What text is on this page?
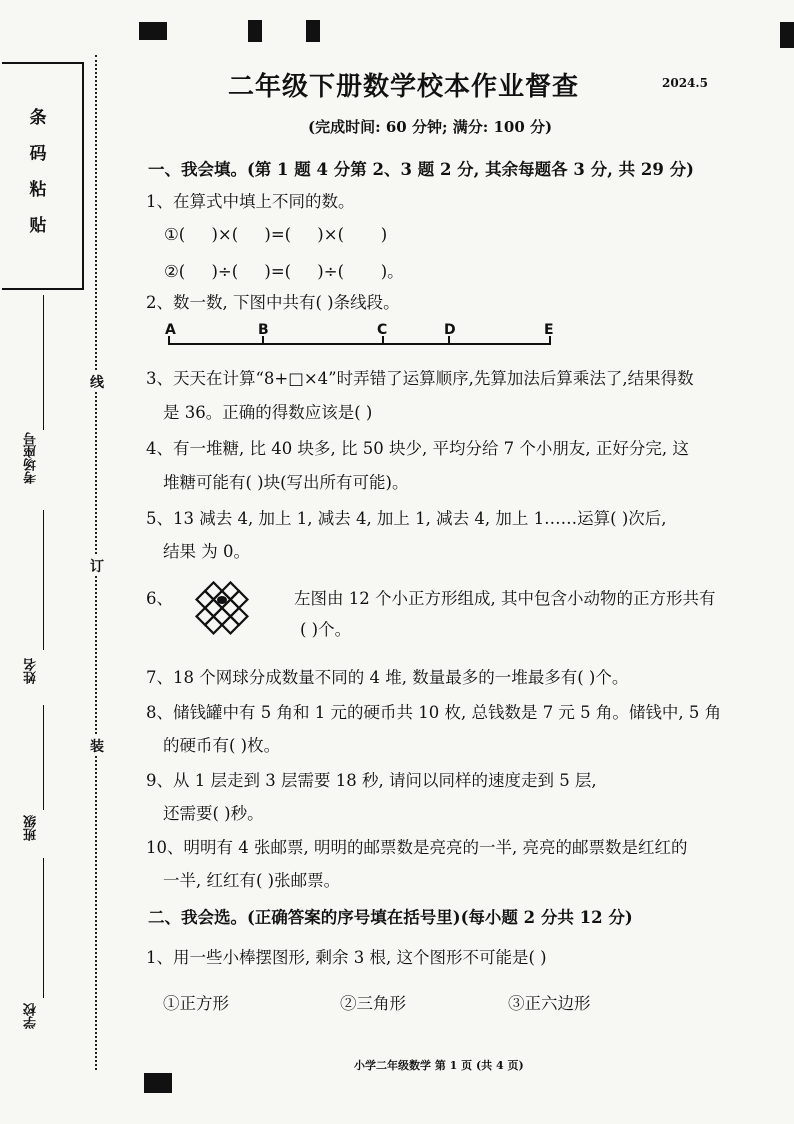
条码粘贴
线
订
装
考场座号
姓名
班级
学校
二年级下册数学校本作业督查	2024.5
(完成时间: 60 分钟; 满分: 100 分)
一、我会填。(第 1 题 4 分第 2、3 题 2 分, 其余每题各 3 分, 共 29 分)
1、在算式中填上不同的数。
①(     )×(     )=(     )×(       )
②(     )÷(     )=(     )÷(       )。
2、数一数, 下图中共有( )条线段。
A	B	C	D	E
3、天天在计算“8+□×4”时弄错了运算顺序,先算加法后算乘法了,结果得数
是 36。正确的得数应该是( )
4、有一堆糖, 比 40 块多, 比 50 块少, 平均分给 7 个小朋友, 正好分完, 这
堆糖可能有( )块(写出所有可能)。
5、13 减去 4, 加上 1, 减去 4, 加上 1, 减去 4, 加上 1……运算( )次后,
结果 为 0。
6、	左图由 12 个小正方形组成, 其中包含小动物的正方形共有
( )个。
7、18 个网球分成数量不同的 4 堆, 数量最多的一堆最多有( )个。
8、储钱罐中有 5 角和 1 元的硬币共 10 枚, 总钱数是 7 元 5 角。储钱中, 5 角
的硬币有( )枚。
9、从 1 层走到 3 层需要 18 秒, 请问以同样的速度走到 5 层,
还需要( )秒。
10、明明有 4 张邮票, 明明的邮票数是亮亮的一半, 亮亮的邮票数是红红的
一半, 红红有( )张邮票。
二、我会选。(正确答案的序号填在括号里)(每小题 2 分共 12 分)
1、用一些小棒摆图形, 剩余 3 根, 这个图形不可能是( )
①正方形	②三角形	③正六边形
小学二年级数学 第 1 页 (共 4 页)
